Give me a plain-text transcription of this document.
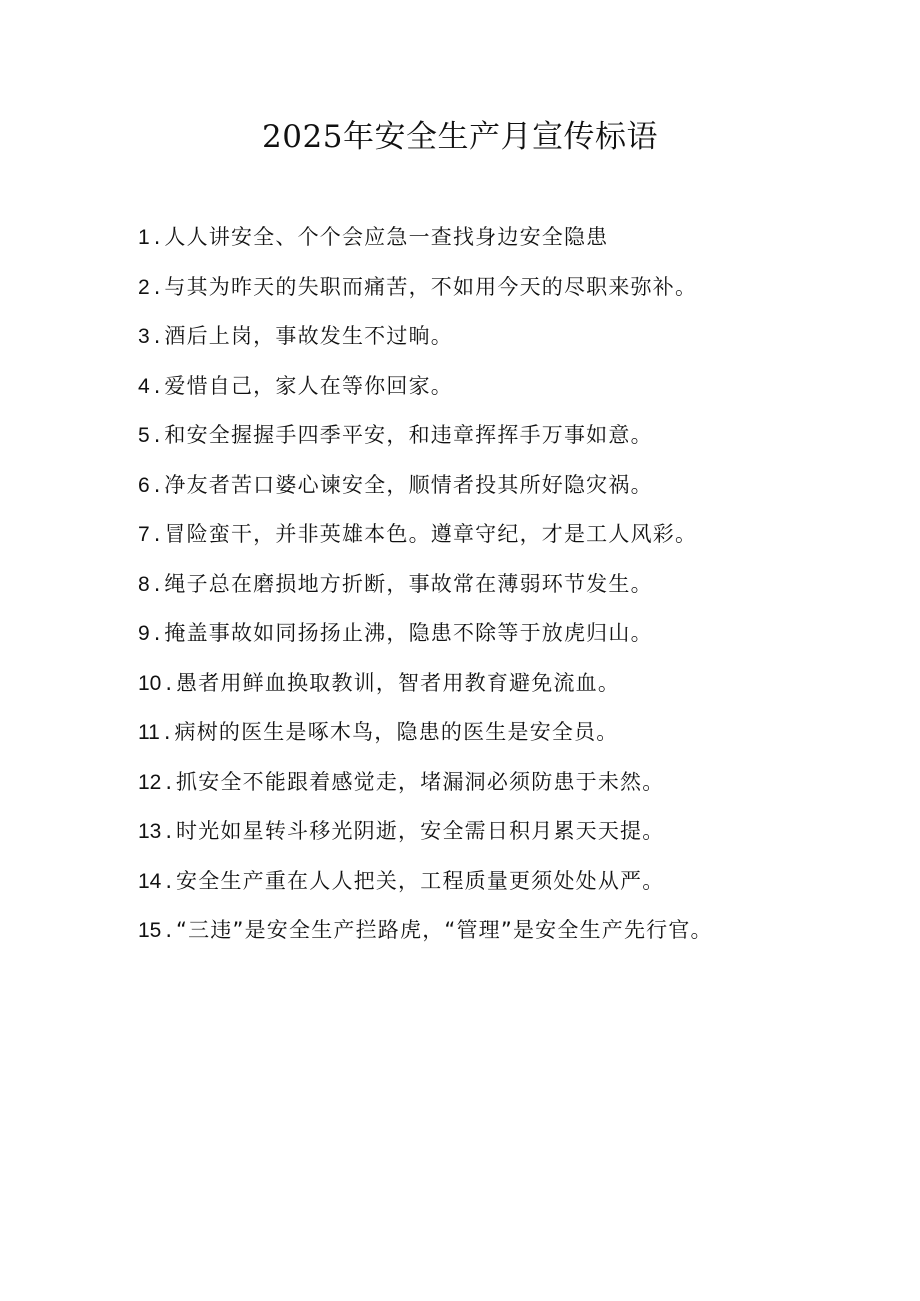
2025年安全生产月宣传标语
1 . 人人讲安全、个个会应急一查找身边安全隐患
2 . 与其为昨天的失职而痛苦，不如用今天的尽职来弥补。
3 . 酒后上岗，事故发生不过晌。
4 . 爱惜自己，家人在等你回家。
5 . 和安全握握手四季平安，和违章挥挥手万事如意。
6 . 净友者苦口婆心谏安全，顺情者投其所好隐灾祸。
7 . 冒险蛮干，并非英雄本色。遵章守纪，才是工人风彩。
8 . 绳子总在磨损地方折断，事故常在薄弱环节发生。
9 . 掩盖事故如同扬扬止沸，隐患不除等于放虎归山。
10 . 愚者用鲜血换取教训，智者用教育避免流血。
11 . 病树的医生是啄木鸟，隐患的医生是安全员。
12 . 抓安全不能跟着感觉走，堵漏洞必须防患于未然。
13 . 时光如星转斗移光阴逝，安全需日积月累天天提。
14 . 安全生产重在人人把关，工程质量更须处处从严。
15 . “三违”是安全生产拦路虎，“管理”是安全生产先行官。
